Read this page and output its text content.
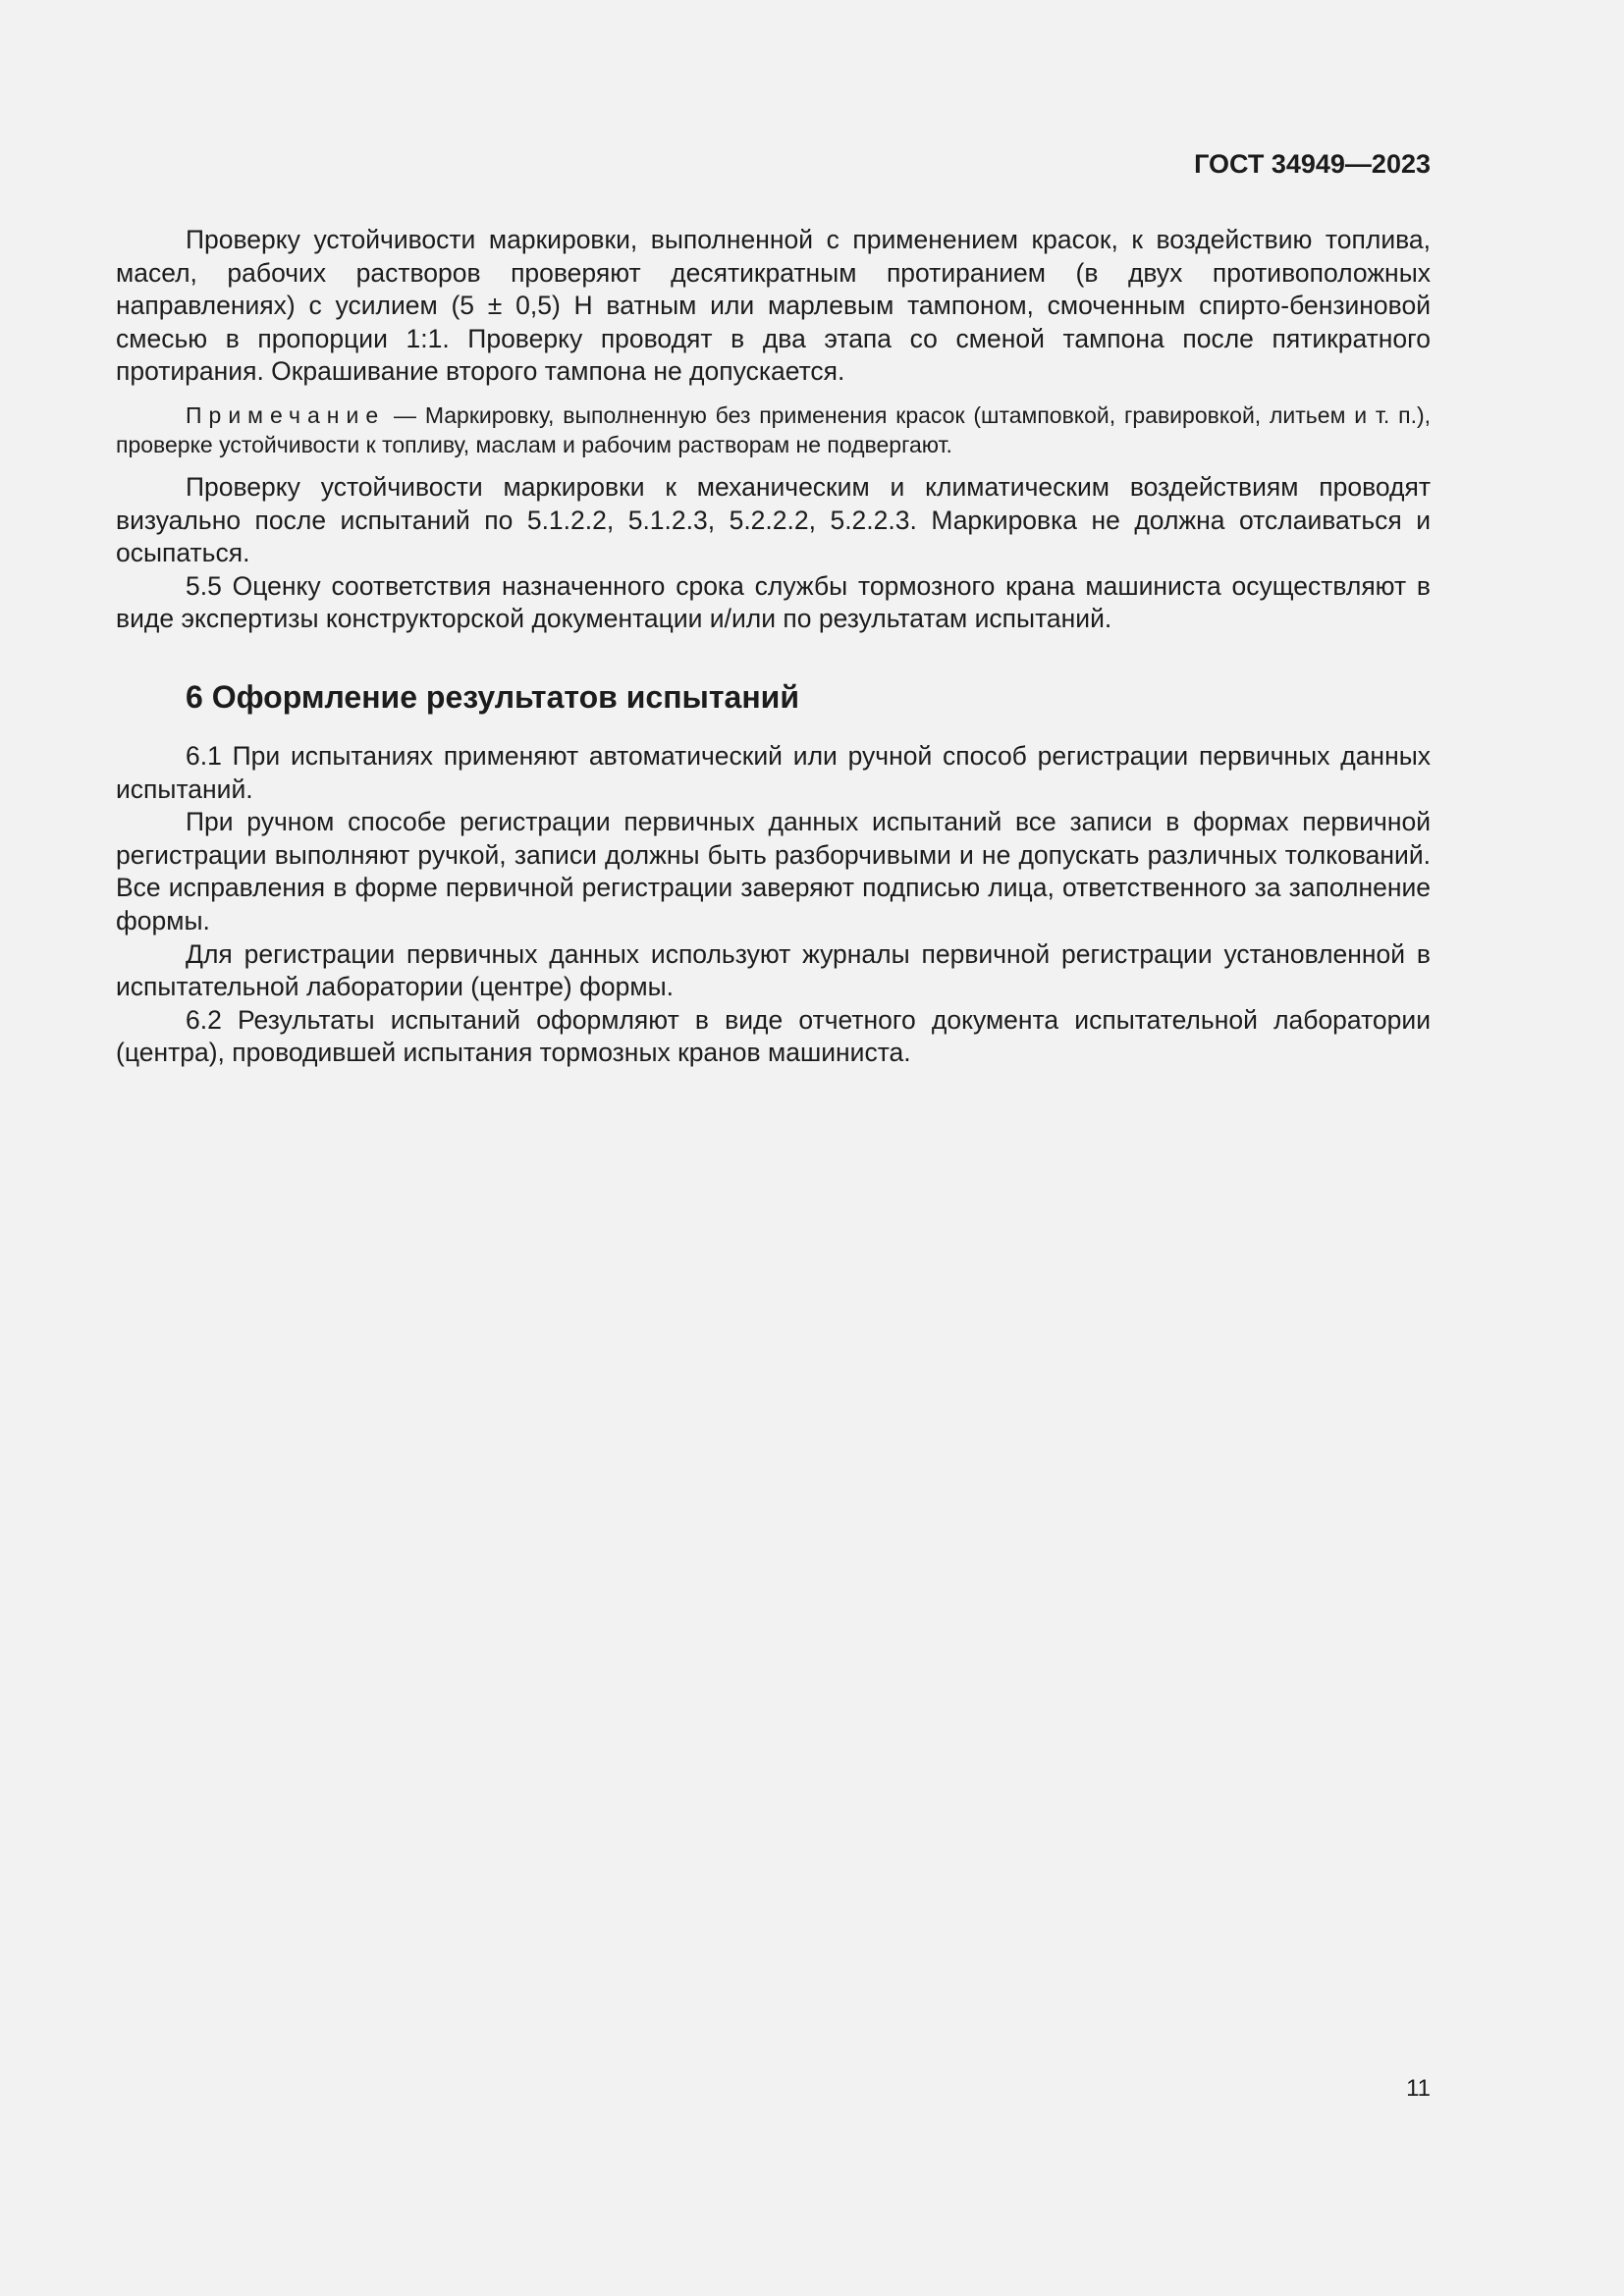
ГОСТ 34949—2023

Проверку устойчивости маркировки, выполненной с применением красок, к воздействию топлива, масел, рабочих растворов проверяют десятикратным протиранием (в двух противоположных направлениях) с усилием (5 ± 0,5) Н ватным или марлевым тампоном, смоченным спирто-бензиновой смесью в пропорции 1:1. Проверку проводят в два этапа со сменой тампона после пятикратного протирания. Окрашивание второго тампона не допускается.

Примечание — Маркировку, выполненную без применения красок (штамповкой, гравировкой, литьем и т. п.), проверке устойчивости к топливу, маслам и рабочим растворам не подвергают.

Проверку устойчивости маркировки к механическим и климатическим воздействиям проводят визуально после испытаний по 5.1.2.2, 5.1.2.3, 5.2.2.2, 5.2.2.3. Маркировка не должна отслаиваться и осыпаться.

5.5 Оценку соответствия назначенного срока службы тормозного крана машиниста осуществляют в виде экспертизы конструкторской документации и/или по результатам испытаний.

6 Оформление результатов испытаний

6.1 При испытаниях применяют автоматический или ручной способ регистрации первичных данных испытаний.

При ручном способе регистрации первичных данных испытаний все записи в формах первичной регистрации выполняют ручкой, записи должны быть разборчивыми и не допускать различных толкований. Все исправления в форме первичной регистрации заверяют подписью лица, ответственного за заполнение формы.

Для регистрации первичных данных используют журналы первичной регистрации установленной в испытательной лаборатории (центре) формы.

6.2 Результаты испытаний оформляют в виде отчетного документа испытательной лаборатории (центра), проводившей испытания тормозных кранов машиниста.

11
